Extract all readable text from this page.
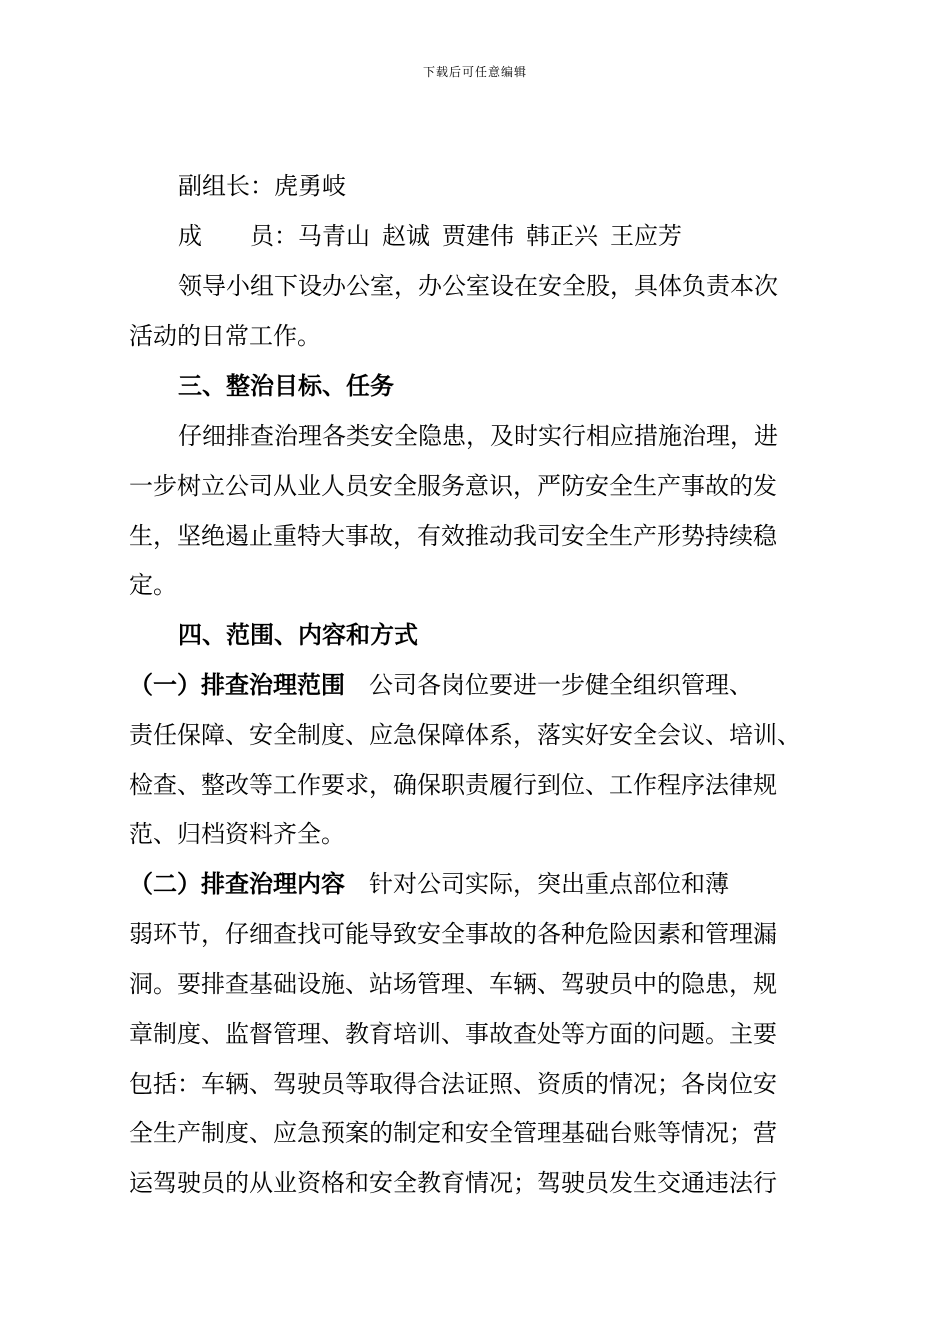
下载后可任意编辑
副组长：虎勇岐
成 员：马青山 赵诚 贾建伟 韩正兴 王应芳
领导小组下设办公室，办公室设在安全股，具体负责本次
活动的日常工作。
三、整治目标、任务
仔细排查治理各类安全隐患，及时实行相应措施治理，进
一步树立公司从业人员安全服务意识，严防安全生产事故的发
生，坚绝遏止重特大事故，有效推动我司安全生产形势持续稳
定。
四、范围、内容和方式
（一）排查治理范围 公司各岗位要进一步健全组织管理、
责任保障、安全制度、应急保障体系，落实好安全会议、培训、
检查、整改等工作要求，确保职责履行到位、工作程序法律规
范、归档资料齐全。
（二）排查治理内容 针对公司实际，突出重点部位和薄
弱环节，仔细查找可能导致安全事故的各种危险因素和管理漏
洞。要排查基础设施、站场管理、车辆、驾驶员中的隐患，规
章制度、监督管理、教育培训、事故查处等方面的问题。主要
包括：车辆、驾驶员等取得合法证照、资质的情况；各岗位安
全生产制度、应急预案的制定和安全管理基础台账等情况；营
运驾驶员的从业资格和安全教育情况；驾驶员发生交通违法行
